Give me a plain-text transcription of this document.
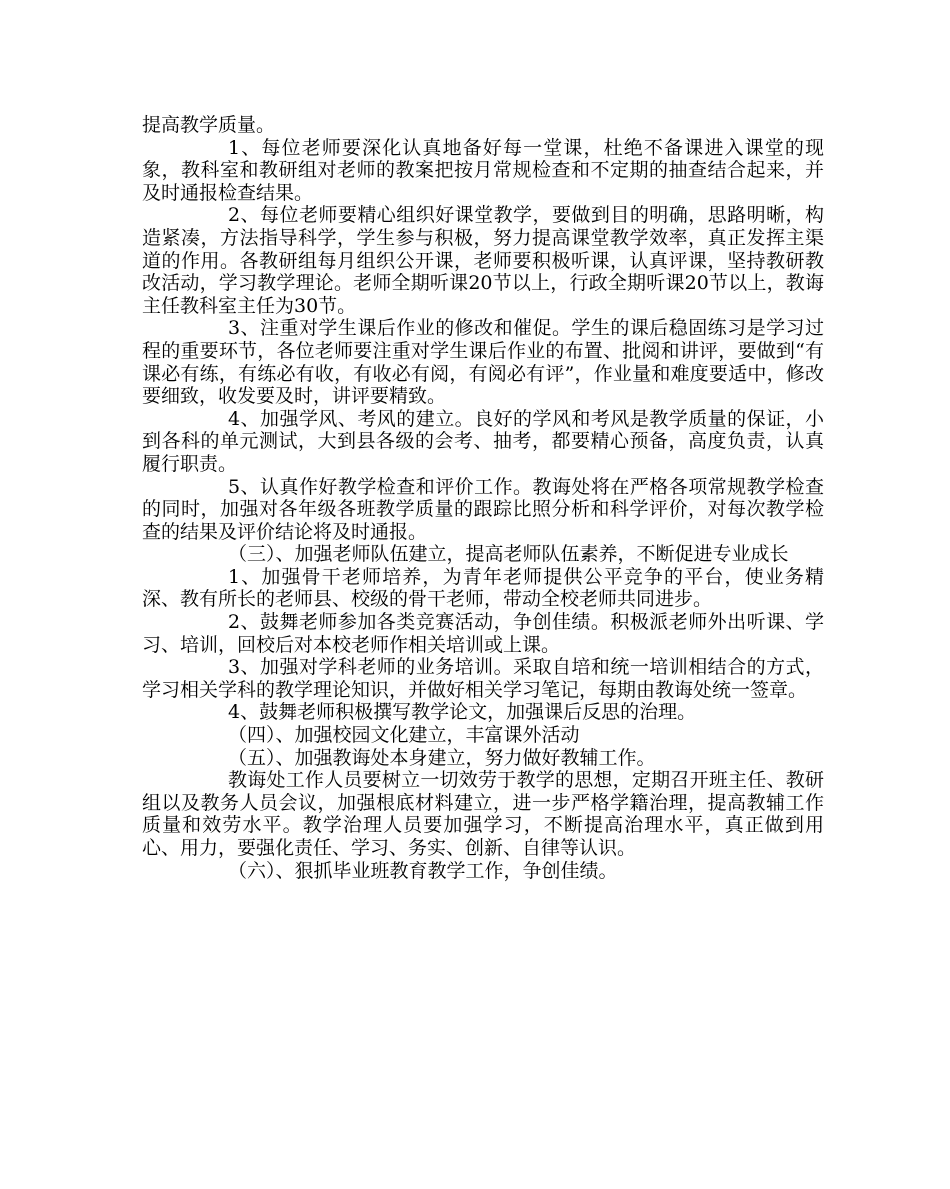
提高教学质量。

1、每位老师要深化认真地备好每一堂课，杜绝不备课进入课堂的现象，教科室和教研组对老师的教案把按月常规检查和不定期的抽查结合起来，并及时通报检查结果。

2、每位老师要精心组织好课堂教学，要做到目的明确，思路明晰，构造紧凑，方法指导科学，学生参与积极，努力提高课堂教学效率，真正发挥主渠道的作用。各教研组每月组织公开课，老师要积极听课，认真评课，坚持教研教改活动，学习教学理论。老师全期听课20节以上，行政全期听课20节以上，教诲主任教科室主任为30节。

3、注重对学生课后作业的修改和催促。学生的课后稳固练习是学习过程的重要环节，各位老师要注重对学生课后作业的布置、批阅和讲评，要做到“有课必有练，有练必有收，有收必有阅，有阅必有评”，作业量和难度要适中，修改要细致，收发要及时，讲评要精致。

4、加强学风、考风的建立。良好的学风和考风是教学质量的保证，小到各科的单元测试，大到县各级的会考、抽考，都要精心预备，高度负责，认真履行职责。

5、认真作好教学检查和评价工作。教诲处将在严格各项常规教学检查的同时，加强对各年级各班教学质量的跟踪比照分析和科学评价，对每次教学检查的结果及评价结论将及时通报。

（三）、加强老师队伍建立，提高老师队伍素养，不断促进专业成长

1、加强骨干老师培养，为青年老师提供公平竞争的平台，使业务精深、教有所长的老师县、校级的骨干老师，带动全校老师共同进步。

2、鼓舞老师参加各类竞赛活动，争创佳绩。积极派老师外出听课、学习、培训，回校后对本校老师作相关培训或上课。

3、加强对学科老师的业务培训。采取自培和统一培训相结合的方式，学习相关学科的教学理论知识，并做好相关学习笔记，每期由教诲处统一签章。

4、鼓舞老师积极撰写教学论文，加强课后反思的治理。

（四）、加强校园文化建立，丰富课外活动

（五）、加强教诲处本身建立，努力做好教辅工作。

教诲处工作人员要树立一切效劳于教学的思想，定期召开班主任、教研组以及教务人员会议，加强根底材料建立，进一步严格学籍治理，提高教辅工作质量和效劳水平。教学治理人员要加强学习，不断提高治理水平，真正做到用心、用力，要强化责任、学习、务实、创新、自律等认识。

（六）、狠抓毕业班教育教学工作，争创佳绩。
